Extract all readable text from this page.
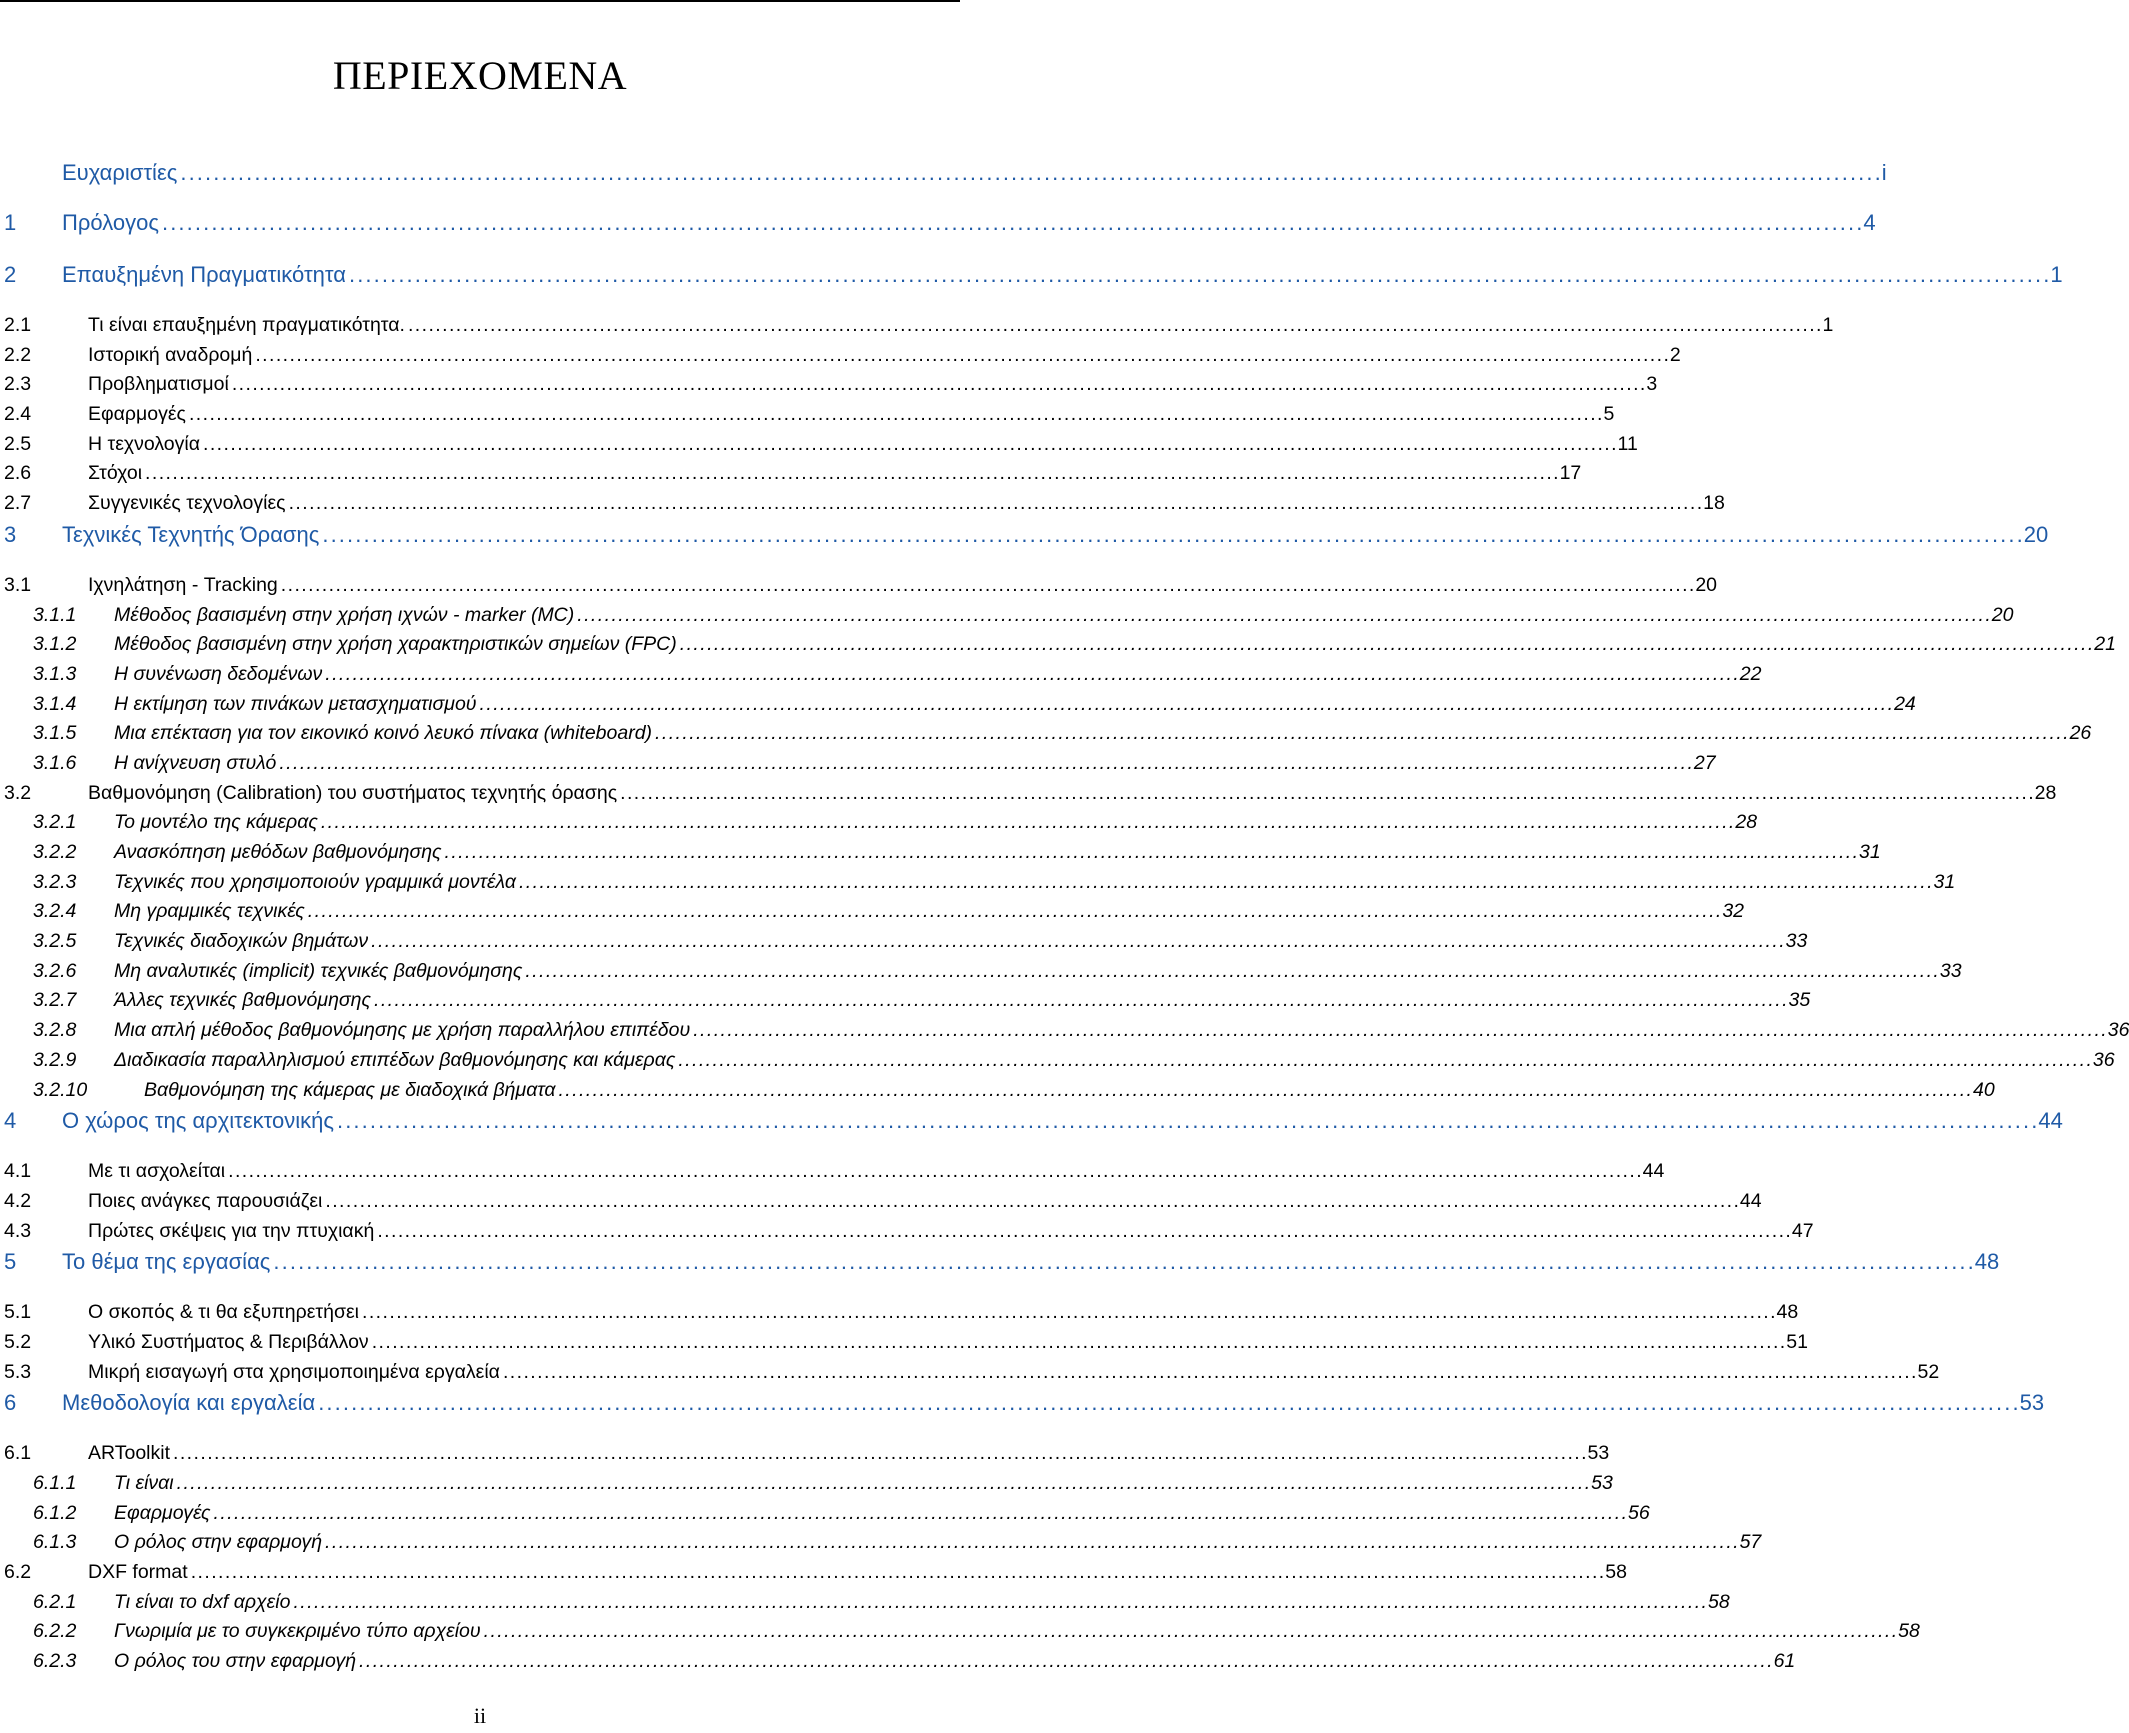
ΠΕΡΙΕΧΟΜΕΝΑ
Ευχαριστίες . . .	i
1	Πρόλογος . . .	4
2	Επαυξημένη Πραγματικότητα . . .	1
2.1	Τι είναι επαυξημένη πραγματικότητα. . . .	1
2.2	Ιστορική αναδρομή . . .	2
2.3	Προβληματισμοί . . .	3
2.4	Εφαρμογές . . .	5
2.5	Η τεχνολογία . . .	11
2.6	Στόχοι . . .	17
2.7	Συγγενικές τεχνολογίες . . .	18
3	Τεχνικές Τεχνητής Όρασης . . .	20
3.1	Ιχνηλάτηση - Tracking . . .	20
3.1.1	Μέθοδος βασισμένη στην χρήση ιχνών - marker (MC) . . .	20
3.1.2	Μέθοδος βασισμένη στην χρήση χαρακτηριστικών σημείων (FPC) . . .	21
3.1.3	Η συνένωση δεδομένων . . .	22
3.1.4	Η εκτίμηση των πινάκων μετασχηματισμού . . .	24
3.1.5	Μια επέκταση για τον εικονικό κοινό λευκό πίνακα (whiteboard) . . .	26
3.1.6	Η ανίχνευση στυλό . . .	27
3.2	Βαθμονόμηση (Calibration) του συστήματος τεχνητής όρασης . . .	28
3.2.1	Το μοντέλο της κάμερας . . .	28
3.2.2	Ανασκόπηση μεθόδων βαθμονόμησης . . .	31
3.2.3	Τεχνικές που χρησιμοποιούν γραμμικά μοντέλα . . .	31
3.2.4	Μη γραμμικές τεχνικές . . .	32
3.2.5	Τεχνικές διαδοχικών βημάτων . . .	33
3.2.6	Μη αναλυτικές (implicit) τεχνικές βαθμονόμησης . . .	33
3.2.7	Άλλες τεχνικές βαθμονόμησης . . .	35
3.2.8	Μια απλή μέθοδος βαθμονόμησης με χρήση παραλλήλου επιπέδου . . .	36
3.2.9	Διαδικασία παραλληλισμού επιπέδων βαθμονόμησης και κάμερας . . .	36
3.2.10	Βαθμονόμηση της κάμερας με διαδοχικά βήματα . . .	40
4	Ο χώρος της αρχιτεκτονικής . . .	44
4.1	Με τι ασχολείται . . .	44
4.2	Ποιες ανάγκες παρουσιάζει . . .	44
4.3	Πρώτες σκέψεις για την πτυχιακή . . .	47
5	Το θέμα της εργασίας . . .	48
5.1	Ο σκοπός & τι θα εξυπηρετήσει . . .	48
5.2	Υλικό Συστήματος & Περιβάλλον . . .	51
5.3	Μικρή εισαγωγή στα χρησιμοποιημένα εργαλεία . . .	52
6	Μεθοδολογία και εργαλεία . . .	53
6.1	ARToolkit . . .	53
6.1.1	Τι είναι . . .	53
6.1.2	Εφαρμογές . . .	56
6.1.3	Ο ρόλος στην εφαρμογή . . .	57
6.2	DXF format . . .	58
6.2.1	Τι είναι το dxf αρχείο . . .	58
6.2.2	Γνωριμία με το συγκεκριμένο τύπο αρχείου . . .	58
6.2.3	Ο ρόλος του στην εφαρμογή . . .	61
ii
